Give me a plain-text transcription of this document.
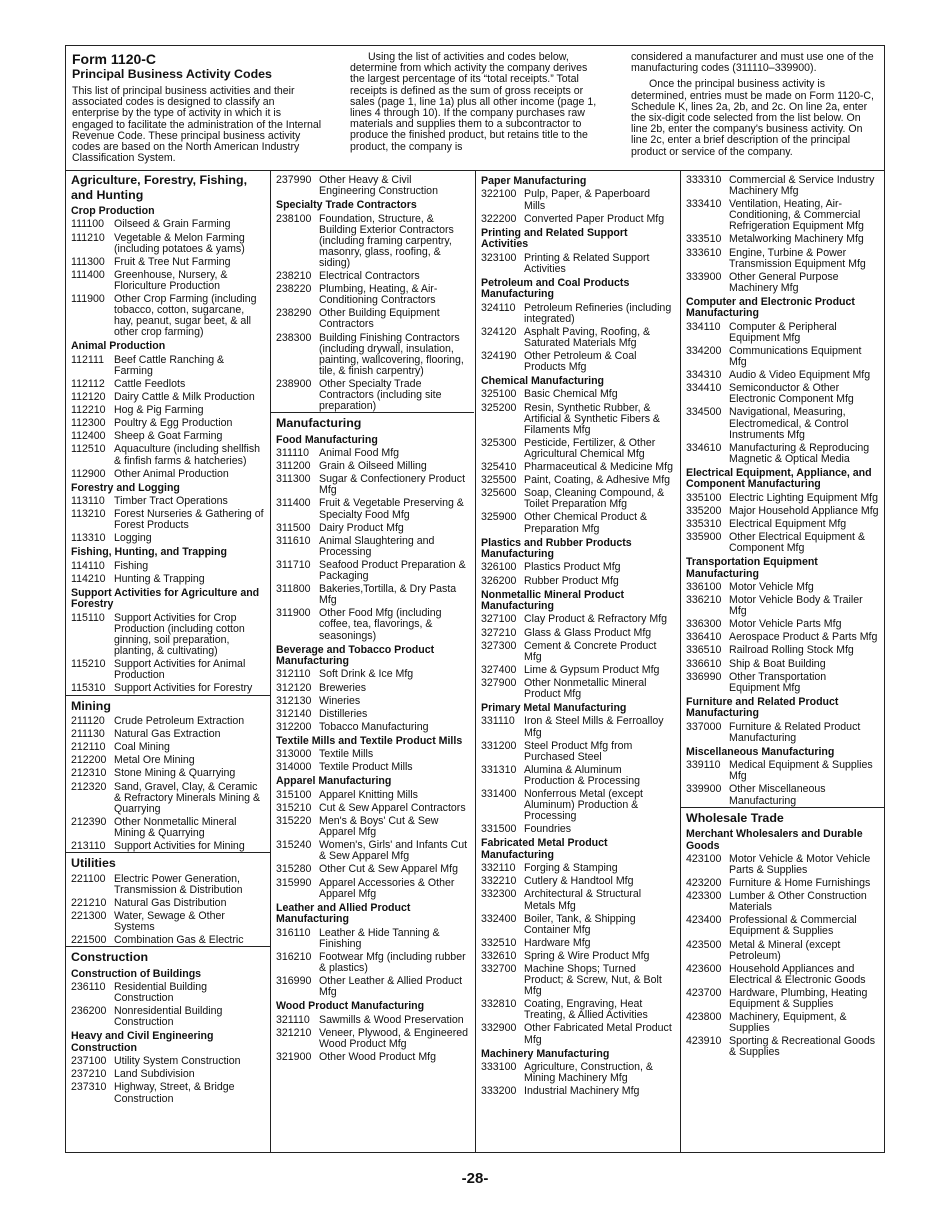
Form 1120-C
Principal Business Activity Codes
This list of principal business activities and their associated codes is designed to classify an enterprise by the type of activity in which it is engaged to facilitate the administration of the Internal Revenue Code. These principal business activity codes are based on the North American Industry Classification System.

Using the list of activities and codes below, determine from which activity the company derives the largest percentage of its “total receipts.” Total receipts is defined as the sum of gross receipts or sales (page 1, line 1a) plus all other income (page 1, lines 4 through 10). If the company purchases raw materials and supplies them to a subcontractor to produce the finished product, but retains title to the product, the company is

considered a manufacturer and must use one of the manufacturing codes (311110–339900).

Once the principal business activity is determined, entries must be made on Form 1120-C, Schedule K, lines 2a, 2b, and 2c. On line 2a, enter the six-digit code selected from the list below. On line 2b, enter the company's business activity. On line 2c, enter a brief description of the principal product or service of the company.

Agriculture, Forestry, Fishing, and Hunting
Crop Production
111100 Oilseed & Grain Farming
111210 Vegetable & Melon Farming (including potatoes & yams)
111300 Fruit & Tree Nut Farming
111400 Greenhouse, Nursery, & Floriculture Production
111900 Other Crop Farming (including tobacco, cotton, sugarcane, hay, peanut, sugar beet, & all other crop farming)
Animal Production
112111 Beef Cattle Ranching & Farming
112112 Cattle Feedlots
112120 Dairy Cattle & Milk Production
112210 Hog & Pig Farming
112300 Poultry & Egg Production
112400 Sheep & Goat Farming
112510 Aquaculture (including shellfish & finfish farms & hatcheries)
112900 Other Animal Production
Forestry and Logging
113110 Timber Tract Operations
113210 Forest Nurseries & Gathering of Forest Products
113310 Logging
Fishing, Hunting, and Trapping
114110 Fishing
114210 Hunting & Trapping
Support Activities for Agriculture and Forestry
115110 Support Activities for Crop Production (including cotton ginning, soil preparation, planting, & cultivating)
115210 Support Activities for Animal Production
115310 Support Activities for Forestry
Mining
211120 Crude Petroleum Extraction
211130 Natural Gas Extraction
212110 Coal Mining
212200 Metal Ore Mining
212310 Stone Mining & Quarrying
212320 Sand, Gravel, Clay, & Ceramic & Refractory Minerals Mining & Quarrying
212390 Other Nonmetallic Mineral Mining & Quarrying
213110 Support Activities for Mining
Utilities
221100 Electric Power Generation, Transmission & Distribution
221210 Natural Gas Distribution
221300 Water, Sewage & Other Systems
221500 Combination Gas & Electric
Construction
Construction of Buildings
236110 Residential Building Construction
236200 Nonresidential Building Construction
Heavy and Civil Engineering Construction
237100 Utility System Construction
237210 Land Subdivision
237310 Highway, Street, & Bridge Construction
237990 Other Heavy & Civil Engineering Construction
Specialty Trade Contractors
238100 Foundation, Structure, & Building Exterior Contractors (including framing carpentry, masonry, glass, roofing, & siding)
238210 Electrical Contractors
238220 Plumbing, Heating, & Air-Conditioning Contractors
238290 Other Building Equipment Contractors
238300 Building Finishing Contractors (including drywall, insulation, painting, wallcovering, flooring, tile, & finish carpentry)
238900 Other Specialty Trade Contractors (including site preparation)
Manufacturing
Food Manufacturing
311110 Animal Food Mfg
311200 Grain & Oilseed Milling
311300 Sugar & Confectionery Product Mfg
311400 Fruit & Vegetable Preserving & Specialty Food Mfg
311500 Dairy Product Mfg
311610 Animal Slaughtering and Processing
311710 Seafood Product Preparation & Packaging
311800 Bakeries,Tortilla, & Dry Pasta Mfg
311900 Other Food Mfg (including coffee, tea, flavorings, & seasonings)
Beverage and Tobacco Product Manufacturing
312110 Soft Drink & Ice Mfg
312120 Breweries
312130 Wineries
312140 Distilleries
312200 Tobacco Manufacturing
Textile Mills and Textile Product Mills
313000 Textile Mills
314000 Textile Product Mills
Apparel Manufacturing
315100 Apparel Knitting Mills
315210 Cut & Sew Apparel Contractors
315220 Men's & Boys' Cut & Sew Apparel Mfg
315240 Women's, Girls' and Infants Cut & Sew Apparel Mfg
315280 Other Cut & Sew Apparel Mfg
315990 Apparel Accessories & Other Apparel Mfg
Leather and Allied Product Manufacturing
316110 Leather & Hide Tanning & Finishing
316210 Footwear Mfg (including rubber & plastics)
316990 Other Leather & Allied Product Mfg
Wood Product Manufacturing
321110 Sawmills & Wood Preservation
321210 Veneer, Plywood, & Engineered Wood Product Mfg
321900 Other Wood Product Mfg
Paper Manufacturing
322100 Pulp, Paper, & Paperboard Mills
322200 Converted Paper Product Mfg
Printing and Related Support Activities
323100 Printing & Related Support Activities
Petroleum and Coal Products Manufacturing
324110 Petroleum Refineries (including integrated)
324120 Asphalt Paving, Roofing, & Saturated Materials Mfg
324190 Other Petroleum & Coal Products Mfg
Chemical Manufacturing
325100 Basic Chemical Mfg
325200 Resin, Synthetic Rubber, & Artificial & Synthetic Fibers & Filaments Mfg
325300 Pesticide, Fertilizer, & Other Agricultural Chemical Mfg
325410 Pharmaceutical & Medicine Mfg
325500 Paint, Coating, & Adhesive Mfg
325600 Soap, Cleaning Compound, & Toilet Preparation Mfg
325900 Other Chemical Product & Preparation Mfg
Plastics and Rubber Products Manufacturing
326100 Plastics Product Mfg
326200 Rubber Product Mfg
Nonmetallic Mineral Product Manufacturing
327100 Clay Product & Refractory Mfg
327210 Glass & Glass Product Mfg
327300 Cement & Concrete Product Mfg
327400 Lime & Gypsum Product Mfg
327900 Other Nonmetallic Mineral Product Mfg
Primary Metal Manufacturing
331110 Iron & Steel Mills & Ferroalloy Mfg
331200 Steel Product Mfg from Purchased Steel
331310 Alumina & Aluminum Production & Processing
331400 Nonferrous Metal (except Aluminum) Production & Processing
331500 Foundries
Fabricated Metal Product Manufacturing
332110 Forging & Stamping
332210 Cutlery & Handtool Mfg
332300 Architectural & Structural Metals Mfg
332400 Boiler, Tank, & Shipping Container Mfg
332510 Hardware Mfg
332610 Spring & Wire Product Mfg
332700 Machine Shops; Turned Product; & Screw, Nut, & Bolt Mfg
332810 Coating, Engraving, Heat Treating, & Allied Activities
332900 Other Fabricated Metal Product Mfg
Machinery Manufacturing
333100 Agriculture, Construction, & Mining Machinery Mfg
333200 Industrial Machinery Mfg
333310 Commercial & Service Industry Machinery Mfg
333410 Ventilation, Heating, Air-Conditioning, & Commercial Refrigeration Equipment Mfg
333510 Metalworking Machinery Mfg
333610 Engine, Turbine & Power Transmission Equipment Mfg
333900 Other General Purpose Machinery Mfg
Computer and Electronic Product Manufacturing
334110 Computer & Peripheral Equipment Mfg
334200 Communications Equipment Mfg
334310 Audio & Video Equipment Mfg
334410 Semiconductor & Other Electronic Component Mfg
334500 Navigational, Measuring, Electromedical, & Control Instruments Mfg
334610 Manufacturing & Reproducing Magnetic & Optical Media
Electrical Equipment, Appliance, and Component Manufacturing
335100 Electric Lighting Equipment Mfg
335200 Major Household Appliance Mfg
335310 Electrical Equipment Mfg
335900 Other Electrical Equipment & Component Mfg
Transportation Equipment Manufacturing
336100 Motor Vehicle Mfg
336210 Motor Vehicle Body & Trailer Mfg
336300 Motor Vehicle Parts Mfg
336410 Aerospace Product & Parts Mfg
336510 Railroad Rolling Stock Mfg
336610 Ship & Boat Building
336990 Other Transportation Equipment Mfg
Furniture and Related Product Manufacturing
337000 Furniture & Related Product Manufacturing
Miscellaneous Manufacturing
339110 Medical Equipment & Supplies Mfg
339900 Other Miscellaneous Manufacturing
Wholesale Trade
Merchant Wholesalers and Durable Goods
423100 Motor Vehicle & Motor Vehicle Parts & Supplies
423200 Furniture & Home Furnishings
423300 Lumber & Other Construction Materials
423400 Professional & Commercial Equipment & Supplies
423500 Metal & Mineral (except Petroleum)
423600 Household Appliances and Electrical & Electronic Goods
423700 Hardware, Plumbing, Heating Equipment & Supplies
423800 Machinery, Equipment, & Supplies
423910 Sporting & Recreational Goods & Supplies
-28-
